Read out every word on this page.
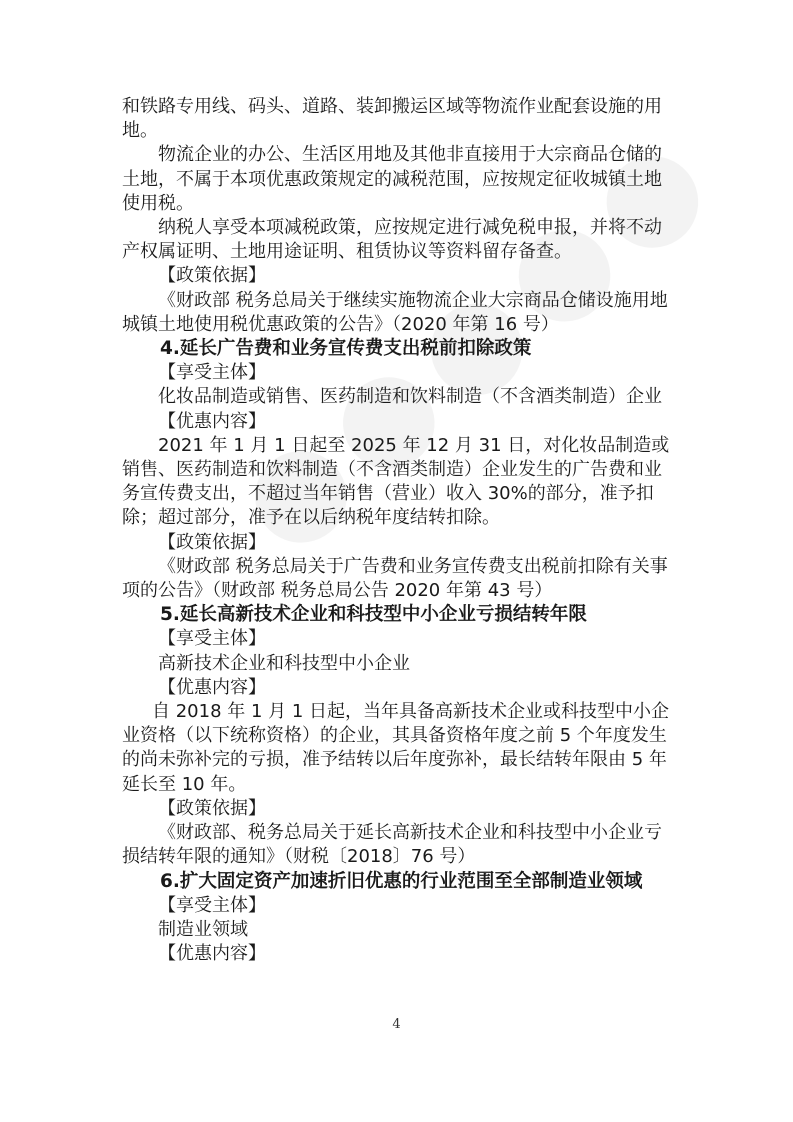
和铁路专用线、码头、道路、装卸搬运区域等物流作业配套设施的用地。

物流企业的办公、生活区用地及其他非直接用于大宗商品仓储的土地，不属于本项优惠政策规定的减税范围，应按规定征收城镇土地使用税。

纳税人享受本项减税政策，应按规定进行减免税申报，并将不动产权属证明、土地用途证明、租赁协议等资料留存备查。

【政策依据】

《财政部 税务总局关于继续实施物流企业大宗商品仓储设施用地城镇土地使用税优惠政策的公告》（2020 年第 16 号）

4.延长广告费和业务宣传费支出税前扣除政策

【享受主体】

化妆品制造或销售、医药制造和饮料制造（不含酒类制造）企业

【优惠内容】

2021 年 1 月 1 日起至 2025 年 12 月 31 日，对化妆品制造或销售、医药制造和饮料制造（不含酒类制造）企业发生的广告费和业务宣传费支出，不超过当年销售（营业）收入 30%的部分，准予扣除；超过部分，准予在以后纳税年度结转扣除。

【政策依据】

《财政部 税务总局关于广告费和业务宣传费支出税前扣除有关事项的公告》（财政部 税务总局公告 2020 年第 43 号）

5.延长高新技术企业和科技型中小企业亏损结转年限

【享受主体】

高新技术企业和科技型中小企业

【优惠内容】

自 2018 年 1 月 1 日起，当年具备高新技术企业或科技型中小企业资格（以下统称资格）的企业，其具备资格年度之前 5 个年度发生的尚未弥补完的亏损，准予结转以后年度弥补，最长结转年限由 5 年延长至 10 年。

【政策依据】

《财政部、税务总局关于延长高新技术企业和科技型中小企业亏损结转年限的通知》（财税〔2018〕76 号）

6.扩大固定资产加速折旧优惠的行业范围至全部制造业领域

【享受主体】

制造业领域

【优惠内容】

4
